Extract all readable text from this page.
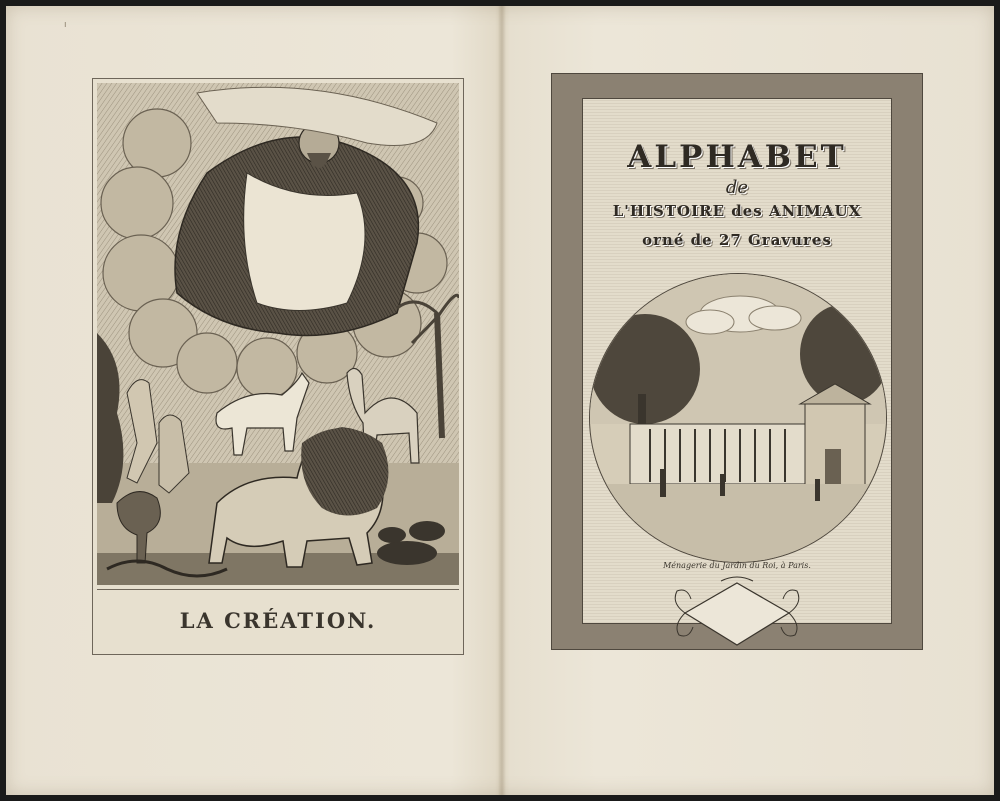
ı
LA CRÉATION.
ALPHABET
de
L'HISTOIRE des ANIMAUX
orné de 27 Gravures
Ménagerie du Jardin du Roi, à Paris.
